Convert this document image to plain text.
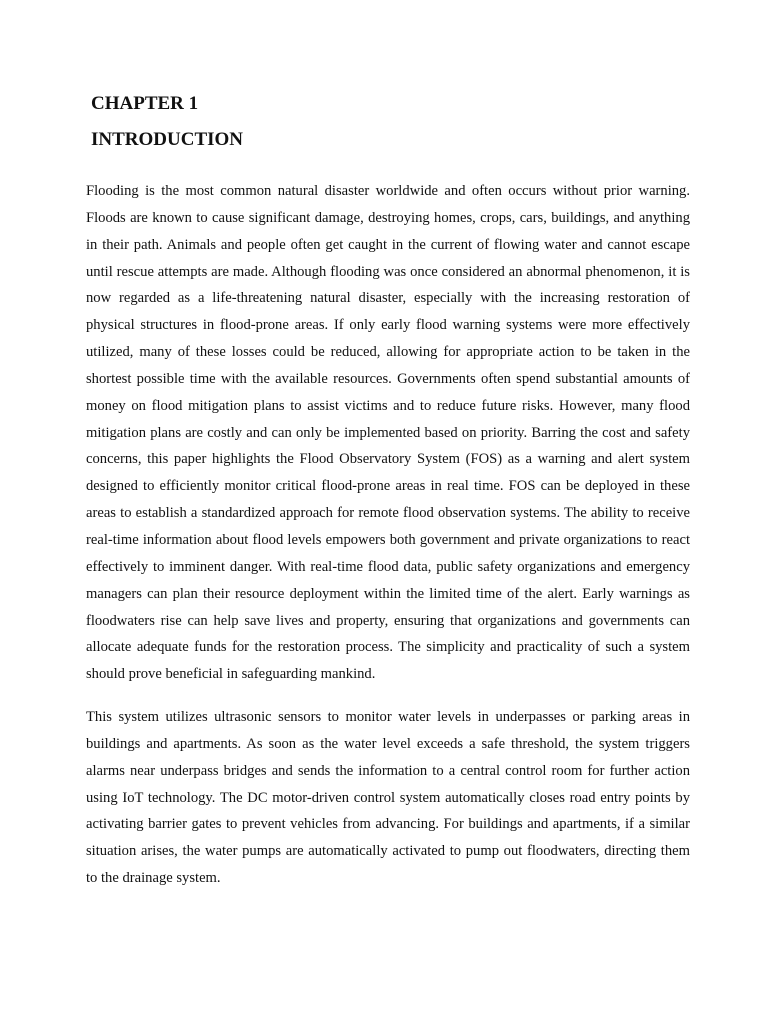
CHAPTER 1
INTRODUCTION

Flooding is the most common natural disaster worldwide and often occurs without prior warning. Floods are known to cause significant damage, destroying homes, crops, cars, buildings, and anything in their path. Animals and people often get caught in the current of flowing water and cannot escape until rescue attempts are made. Although flooding was once considered an abnormal phenomenon, it is now regarded as a life-threatening natural disaster, especially with the increasing restoration of physical structures in flood-prone areas. If only early flood warning systems were more effectively utilized, many of these losses could be reduced, allowing for appropriate action to be taken in the shortest possible time with the available resources. Governments often spend substantial amounts of money on flood mitigation plans to assist victims and to reduce future risks. However, many flood mitigation plans are costly and can only be implemented based on priority. Barring the cost and safety concerns, this paper highlights the Flood Observatory System (FOS) as a warning and alert system designed to efficiently monitor critical flood-prone areas in real time. FOS can be deployed in these areas to establish a standardized approach for remote flood observation systems. The ability to receive real-time information about flood levels empowers both government and private organizations to react effectively to imminent danger. With real-time flood data, public safety organizations and emergency managers can plan their resource deployment within the limited time of the alert. Early warnings as floodwaters rise can help save lives and property, ensuring that organizations and governments can allocate adequate funds for the restoration process. The simplicity and practicality of such a system should prove beneficial in safeguarding mankind.

This system utilizes ultrasonic sensors to monitor water levels in underpasses or parking areas in buildings and apartments. As soon as the water level exceeds a safe threshold, the system triggers alarms near underpass bridges and sends the information to a central control room for further action using IoT technology. The DC motor-driven control system automatically closes road entry points by activating barrier gates to prevent vehicles from advancing. For buildings and apartments, if a similar situation arises, the water pumps are automatically activated to pump out floodwaters, directing them to the drainage system.
